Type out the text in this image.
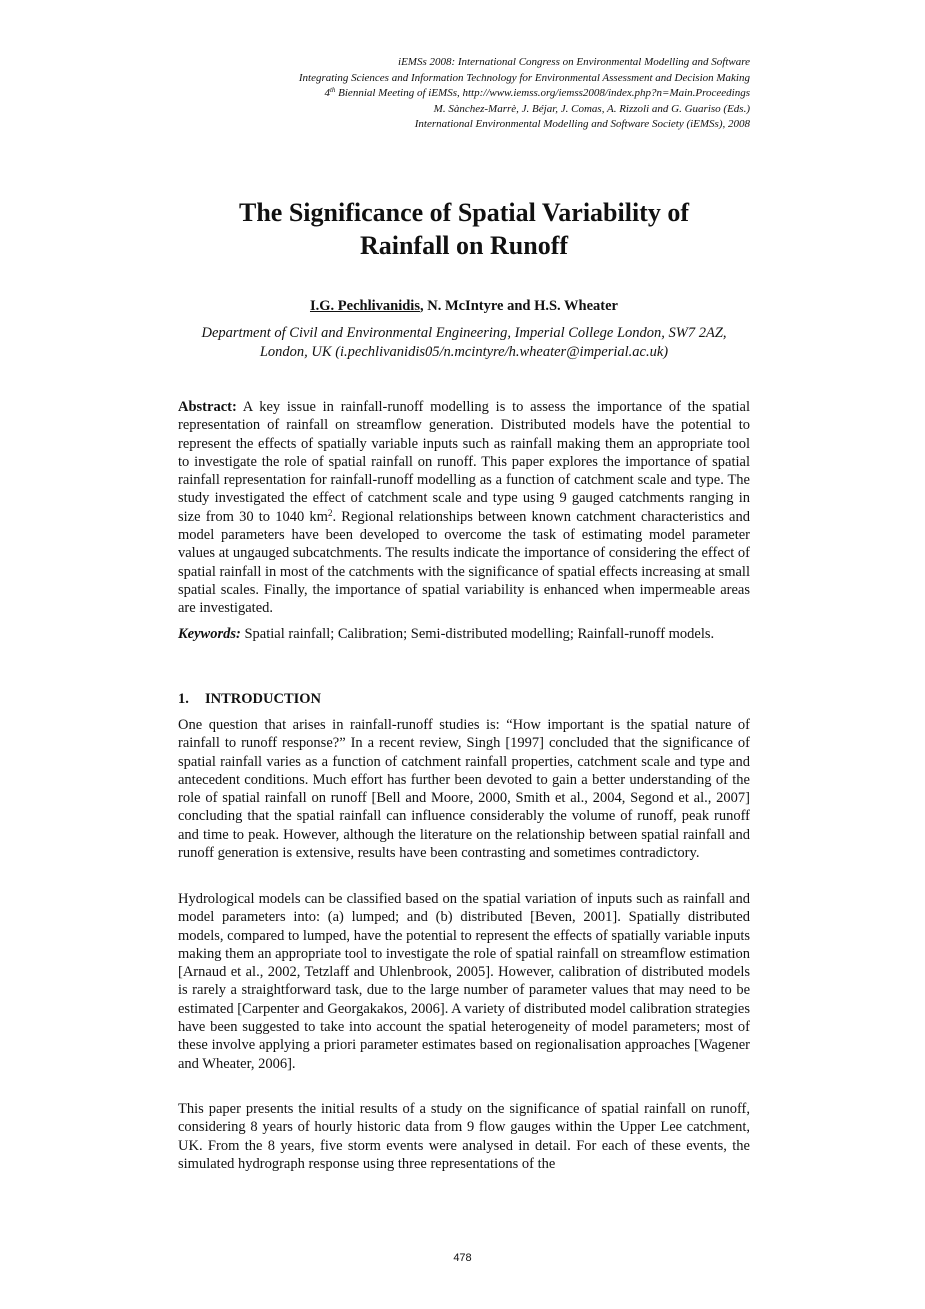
iEMSs 2008: International Congress on Environmental Modelling and Software
Integrating Sciences and Information Technology for Environmental Assessment and Decision Making
4th Biennial Meeting of iEMSs, http://www.iemss.org/iemss2008/index.php?n=Main.Proceedings
M. Sànchez-Marrè, J. Béjar, J. Comas, A. Rizzoli and G. Guariso (Eds.)
International Environmental Modelling and Software Society (iEMSs), 2008
The Significance of Spatial Variability of
Rainfall on Runoff
I.G. Pechlivanidis, N. McIntyre and H.S. Wheater
Department of Civil and Environmental Engineering, Imperial College London, SW7 2AZ,
London, UK (i.pechlivanidis05/n.mcintyre/h.wheater@imperial.ac.uk)

Abstract: A key issue in rainfall-runoff modelling is to assess the importance of the spatial representation of rainfall on streamflow generation. Distributed models have the potential to represent the effects of spatially variable inputs such as rainfall making them an appropriate tool to investigate the role of spatial rainfall on runoff. This paper explores the importance of spatial rainfall representation for rainfall-runoff modelling as a function of catchment scale and type. The study investigated the effect of catchment scale and type using 9 gauged catchments ranging in size from 30 to 1040 $km^2$. Regional relationships between known catchment characteristics and model parameters have been developed to overcome the task of estimating model parameter values at ungauged subcatchments. The results indicate the importance of considering the effect of spatial rainfall in most of the catchments with the significance of spatial effects increasing at small spatial scales. Finally, the importance of spatial variability is enhanced when impermeable areas are investigated.

Keywords: Spatial rainfall; Calibration; Semi-distributed modelling; Rainfall-runoff models.

1. INTRODUCTION

One question that arises in rainfall-runoff studies is: “How important is the spatial nature of rainfall to runoff response?” In a recent review, Singh [1997] concluded that the significance of spatial rainfall varies as a function of catchment rainfall properties, catchment scale and type and antecedent conditions. Much effort has further been devoted to gain a better understanding of the role of spatial rainfall on runoff [Bell and Moore, 2000, Smith et al., 2004, Segond et al., 2007] concluding that the spatial rainfall can influence considerably the volume of runoff, peak runoff and time to peak. However, although the literature on the relationship between spatial rainfall and runoff generation is extensive, results have been contrasting and sometimes contradictory.

Hydrological models can be classified based on the spatial variation of inputs such as rainfall and model parameters into: (a) lumped; and (b) distributed [Beven, 2001]. Spatially distributed models, compared to lumped, have the potential to represent the effects of spatially variable inputs making them an appropriate tool to investigate the role of spatial rainfall on streamflow estimation [Arnaud et al., 2002, Tetzlaff and Uhlenbrook, 2005]. However, calibration of distributed models is rarely a straightforward task, due to the large number of parameter values that may need to be estimated [Carpenter and Georgakakos, 2006]. A variety of distributed model calibration strategies have been suggested to take into account the spatial heterogeneity of model parameters; most of these involve applying a priori parameter estimates based on regionalisation approaches [Wagener and Wheater, 2006].

This paper presents the initial results of a study on the significance of spatial rainfall on runoff, considering 8 years of hourly historic data from 9 flow gauges within the Upper Lee catchment, UK. From the 8 years, five storm events were analysed in detail. For each of these events, the simulated hydrograph response using three representations of the

478
